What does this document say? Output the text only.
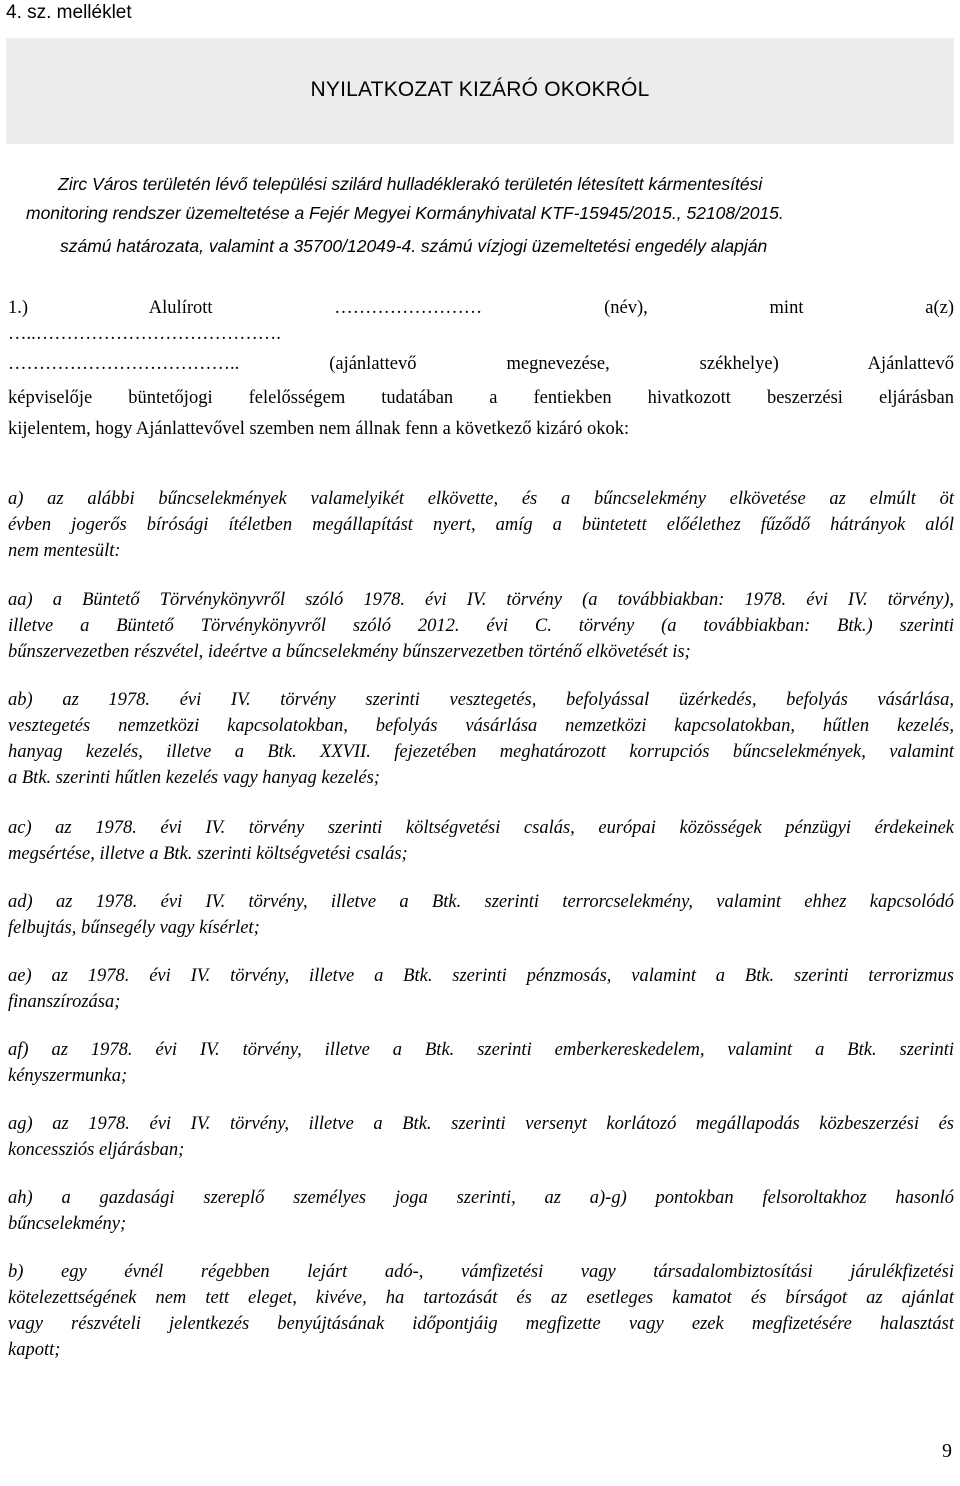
4. sz. melléklet
NYILATKOZAT KIZÁRÓ OKOKRÓL
Zirc Város területén lévő települési szilárd hulladéklerakó területén létesített kármentesítési
monitoring rendszer üzemeltetése a Fejér Megyei Kormányhivatal KTF-15945/2015., 52108/2015.
számú határozata, valamint a 35700/12049-4. számú vízjogi üzemeltetési engedély alapján
1.) Alulírott …………………… (név), mint a(z)
…..………………………………….
……………………………….. (ajánlattevő megnevezése, székhelye) Ajánlattevő
képviselője büntetőjogi felelősségem tudatában a fentiekben hivatkozott beszerzési eljárásban
kijelentem, hogy Ajánlattevővel szemben nem állnak fenn a következő kizáró okok:
a) az alábbi bűncselekmények valamelyikét elkövette, és a bűncselekmény elkövetése az elmúlt öt
évben jogerős bírósági ítéletben megállapítást nyert, amíg a büntetett előélethez fűződő hátrányok alól
nem mentesült:
aa) a Büntető Törvénykönyvről szóló 1978. évi IV. törvény (a továbbiakban: 1978. évi IV. törvény),
illetve a Büntető Törvénykönyvről szóló 2012. évi C. törvény (a továbbiakban: Btk.) szerinti
bűnszervezetben részvétel, ideértve a bűncselekmény bűnszervezetben történő elkövetését is;
ab) az 1978. évi IV. törvény szerinti vesztegetés, befolyással üzérkedés, befolyás vásárlása,
vesztegetés nemzetközi kapcsolatokban, befolyás vásárlása nemzetközi kapcsolatokban, hűtlen kezelés,
hanyag kezelés, illetve a Btk. XXVII. fejezetében meghatározott korrupciós bűncselekmények, valamint
a Btk. szerinti hűtlen kezelés vagy hanyag kezelés;
ac) az 1978. évi IV. törvény szerinti költségvetési csalás, európai közösségek pénzügyi érdekeinek
megsértése, illetve a Btk. szerinti költségvetési csalás;
ad) az 1978. évi IV. törvény, illetve a Btk. szerinti terrorcselekmény, valamint ehhez kapcsolódó
felbujtás, bűnsegély vagy kísérlet;
ae) az 1978. évi IV. törvény, illetve a Btk. szerinti pénzmosás, valamint a Btk. szerinti terrorizmus
finanszírozása;
af) az 1978. évi IV. törvény, illetve a Btk. szerinti emberkereskedelem, valamint a Btk. szerinti
kényszermunka;
ag) az 1978. évi IV. törvény, illetve a Btk. szerinti versenyt korlátozó megállapodás közbeszerzési és
koncessziós eljárásban;
ah) a gazdasági szereplő személyes joga szerinti, az a)-g) pontokban felsoroltakhoz hasonló
bűncselekmény;
b) egy évnél régebben lejárt adó-, vámfizetési vagy társadalombiztosítási járulékfizetési
kötelezettségének nem tett eleget, kivéve, ha tartozását és az esetleges kamatot és bírságot az ajánlat
vagy részvételi jelentkezés benyújtásának időpontjáig megfizette vagy ezek megfizetésére halasztást
kapott;
9
